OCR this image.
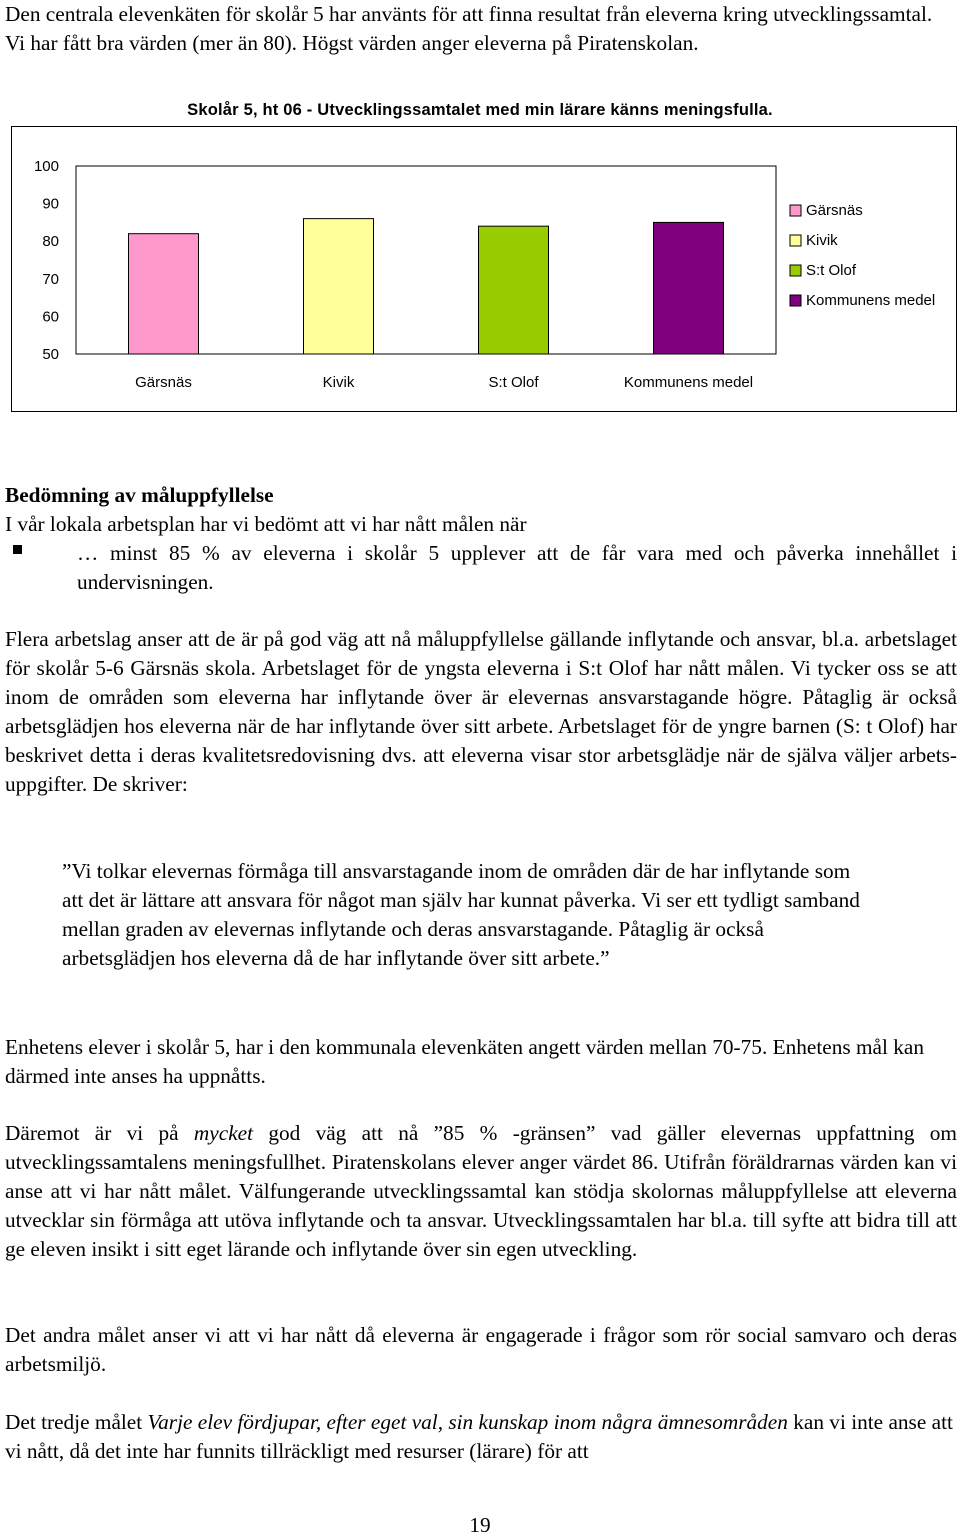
Den centrala elevenkäten för skolår 5 har använts för att finna resultat från eleverna kring utvecklingssamtal. Vi har fått bra värden (mer än 80). Högst värden anger eleverna på Piratenskolan.

Skolår 5, ht 06 - Utvecklingssamtalet med min lärare känns meningsfulla.
50
60
70
80
90
100
Gärsnäs	Kivik	S:t Olof	Kommunens medel
Gärsnäs
Kivik
S:t Olof
Kommunens medel

Bedömning av måluppfyllelse

I vår lokala arbetsplan har vi bedömt att vi har nått målen när

… minst 85 % av eleverna i skolår 5 upplever att de får vara med och påverka innehållet i undervisningen.

Flera arbetslag anser att de är på god väg att nå måluppfyllelse gällande inflytande och ansvar, bl.a. arbetslaget för skolår 5-6 Gärsnäs skola. Arbetslaget för de yngsta eleverna i S:t Olof har nått målen. Vi tycker oss se att inom de områden som eleverna har inflytande över är elevernas ansvarstagande högre. Påtaglig är också arbetsglädjen hos eleverna när de har inflytande över sitt arbete. Arbetslaget för de yngre barnen (S: t Olof) har beskrivet detta i deras kvalitetsredovisning dvs. att eleverna visar stor arbetsglädje när de själva väljer arbets-uppgifter. De skriver:

”Vi tolkar elevernas förmåga till ansvarstagande inom de områden där de har inflytande som att det är lättare att ansvara för något man själv har kunnat påverka. Vi ser ett tydligt samband mellan graden av elevernas inflytande och deras ansvarstagande. Påtaglig är också arbetsglädjen hos eleverna då de har inflytande över sitt arbete.”

Enhetens elever i skolår 5, har i den kommunala elevenkäten angett värden mellan 70-75. Enhetens mål kan därmed inte anses ha uppnåtts.

Däremot är vi på mycket god väg att nå ”85 % -gränsen” vad gäller elevernas uppfattning om utvecklingssamtalens meningsfullhet. Piratenskolans elever anger värdet 86. Utifrån föräldrarnas värden kan vi anse att vi har nått målet. Välfungerande utvecklingssamtal kan stödja skolornas måluppfyllelse att eleverna utvecklar sin förmåga att utöva inflytande och ta ansvar. Utvecklingssamtalen har bl.a. till syfte att bidra till att ge eleven insikt i sitt eget lärande och inflytande över sin egen utveckling.

Det andra målet anser vi att vi har nått då eleverna är engagerade i frågor som rör social samvaro och deras arbetsmiljö.

Det tredje målet Varje elev fördjupar, efter eget val, sin kunskap inom några ämnesområden kan vi inte anse att vi nått, då det inte har funnits tillräckligt med resurser (lärare) för att

19
